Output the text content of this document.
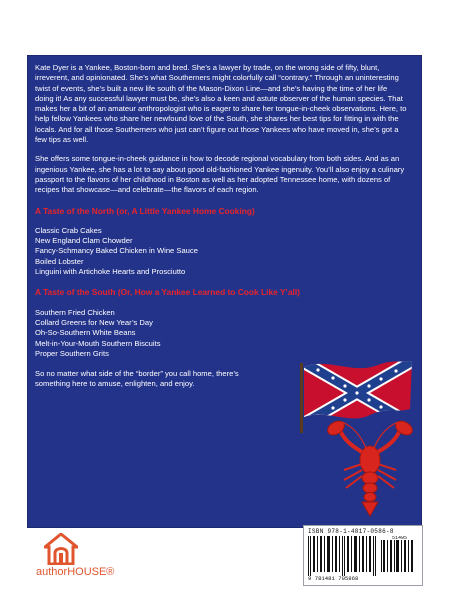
Kate Dyer is a Yankee, Boston-born and bred. She’s a lawyer by trade, on the wrong side of fifty, blunt, irreverent, and opinionated. She’s what Southerners might colorfully call “contrary.” Through an uninteresting twist of events, she’s built a new life south of the Mason-Dixon Line—and she’s having the time of her life doing it! As any successful lawyer must be, she’s also a keen and astute observer of the human species. That makes her a bit of an amateur anthropologist who is eager to share her tongue-in-cheek observations. Here, to help fellow Yankees who share her newfound love of the South, she shares her best tips for fitting in with the locals. And for all those Southerners who just can’t figure out those Yankees who have moved in, she’s got a few tips as well.

She offers some tongue-in-cheek guidance in how to decode regional vocabulary from both sides. And as an ingenious Yankee, she has a lot to say about good old-fashioned Yankee ingenuity. You’ll also enjoy a culinary passport to the flavors of her childhood in Boston as well as her adopted Tennessee home, with dozens of recipes that showcase—and celebrate—the flavors of each region.

A Taste of the North (or, A Little Yankee Home Cooking)
Classic Crab Cakes
New England Clam Chowder
Fancy-Schmancy Baked Chicken in Wine Sauce
Boiled Lobster
Linguini with Artichoke Hearts and Prosciutto
A Taste of the South (Or, How a Yankee Learned to Cook Like Y’all)
Southern Fried Chicken
Collard Greens for New Year’s Day
Oh-So-Southern White Beans
Melt-in-Your-Mouth Southern Biscuits
Proper Southern Grits

So no matter what side of the “border” you call home, there’s something here to amuse, enlighten, and enjoy.

ISBN 978-1-4817-0586-8
51495
9 781481 705868
authorHOUSE®
